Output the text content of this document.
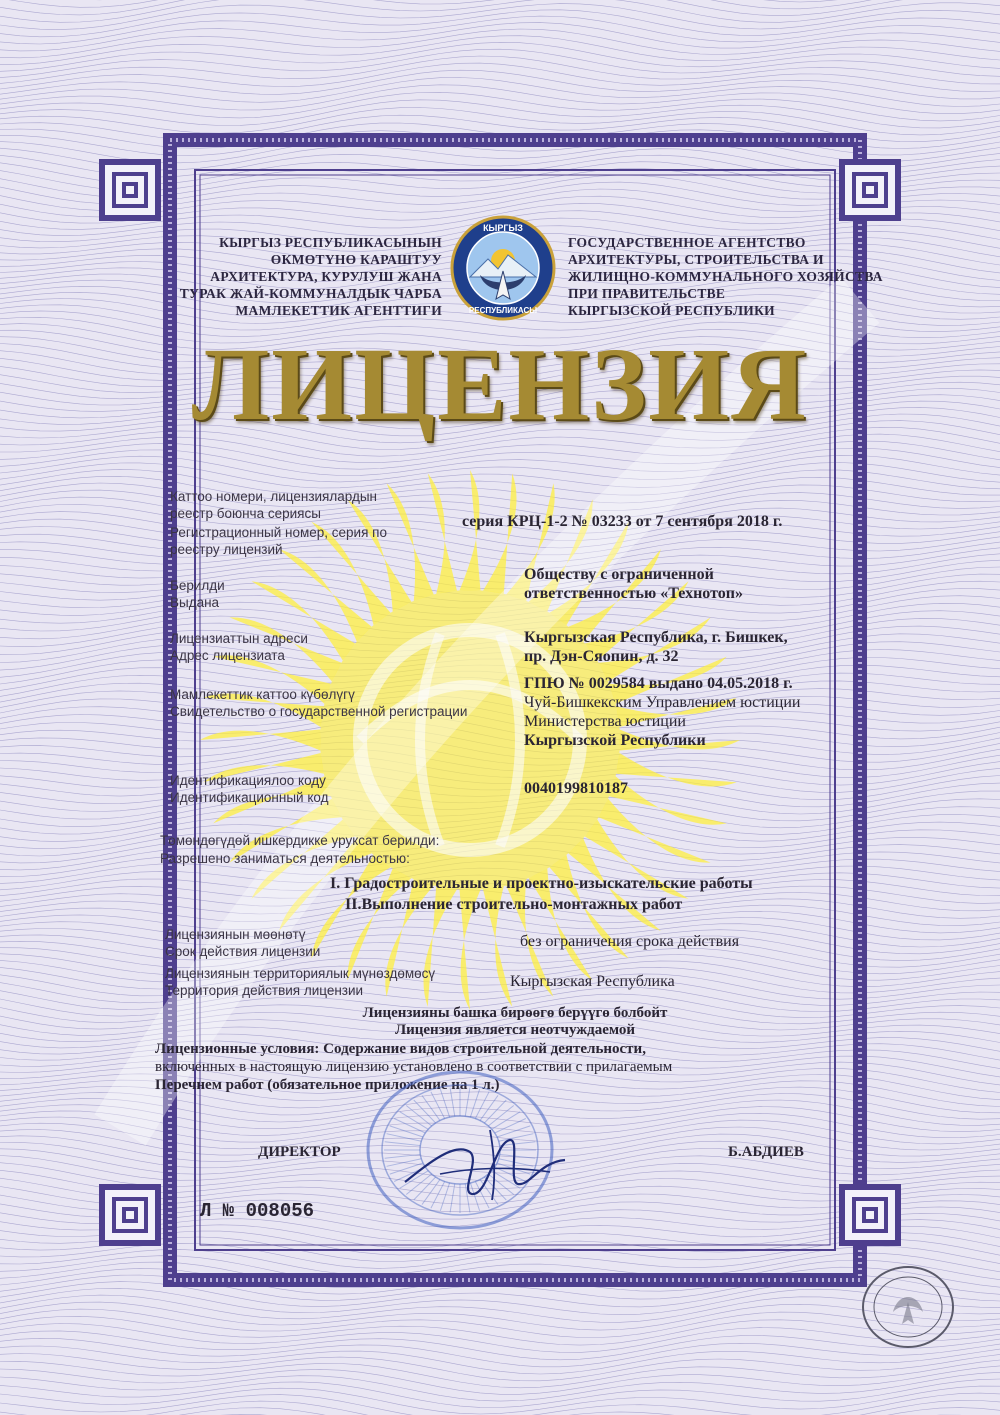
КЫРГЫЗ
РЕСПУБЛИКАСЫ
КЫРГЫЗ РЕСПУБЛИКАСЫНЫН
ӨКМӨТҮНӨ КАРАШТУУ
АРХИТЕКТУРА, КУРУЛУШ ЖАНА
ТУРАК ЖАЙ-КОММУНАЛДЫК ЧАРБА
МАМЛЕКЕТТИК АГЕНТТИГИ
ГОСУДАРСТВЕННОЕ АГЕНТСТВО
АРХИТЕКТУРЫ, СТРОИТЕЛЬСТВА И
ЖИЛИЩНО-КОММУНАЛЬНОГО ХОЗЯЙСТВА
ПРИ ПРАВИТЕЛЬСТВЕ
КЫРГЫЗСКОЙ РЕСПУБЛИКИ
ЛИЦЕНЗИЯ
Каттоо номери, лицензиялардын реестр боюнча сериясы
Регистрационный номер, серия по реестру лицензий
серия КРЦ-1-2 № 03233 от 7 сентября 2018 г.
Берилди
Выдана
Обществу с ограниченной
ответственностью «Технотоп»
Лицензиаттын адреси
Адрес лицензиата
Кыргызская Республика, г. Бишкек,
пр. Дэн-Сяопин, д. 32
Мамлекеттик каттоо күбөлүгү
Свидетельство о государственной регистрации
ГПЮ № 0029584 выдано 04.05.2018 г.
Чуй-Бишкекским Управлением юстиции
Министерства юстиции
Кыргызской Республики
Идентификациялоо коду
Идентификационный код
0040199810187
Төмөндөгүдөй ишкердикке уруксат берилди:
Разрешено заниматься деятельностью:
I. Градостроительные и проектно-изыскательские работы
II.Выполнение строительно-монтажных работ
Лицензиянын мөөнөтү
Срок действия лицензии
без ограничения срока действия
Лицензиянын территориялык мүнөздөмөсү
Территория действия лицензии
Кыргызская Республика
Лицензияны башка бирөөгө берүүгө болбойт
Лицензия является неотчуждаемой
Лицензионные условия: Содержание видов строительной деятельности,
включенных в настоящую лицензию установлено в соответствии с прилагаемым
Перечнем работ (обязательное приложение на 1 л.)
ДИРЕКТОР	Б.АБДИЕВ
Л № 008056
